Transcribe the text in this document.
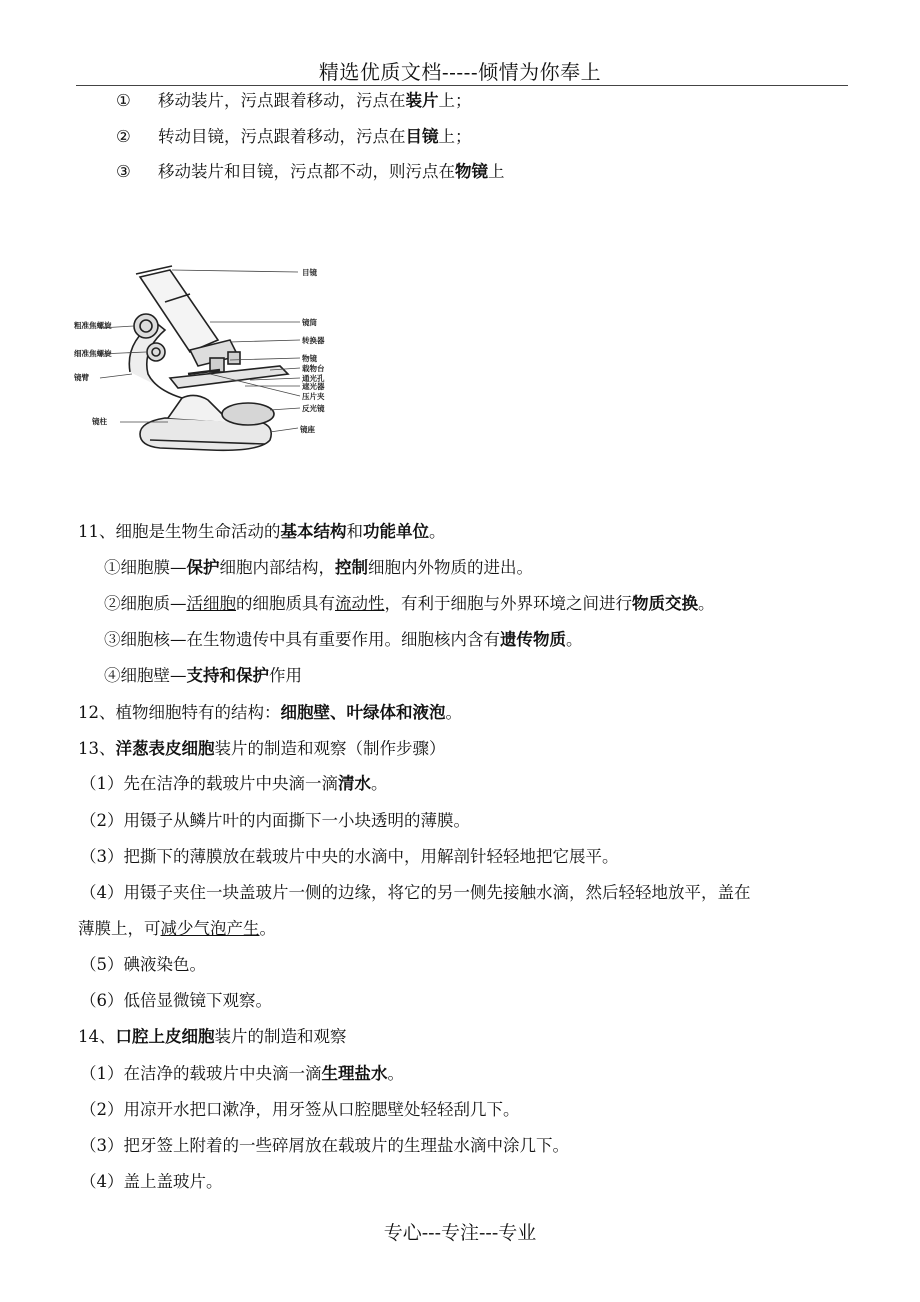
精选优质文档-----倾情为你奉上
① 移动装片，污点跟着移动，污点在装片上；
② 转动目镜，污点跟着移动，污点在目镜上；
③ 移动装片和目镜，污点都不动，则污点在物镜上
目镜
镜筒
转换器
物镜
载物台
通光孔
遮光器
压片夹
反光镜
镜座
粗准焦螺旋
细准焦螺旋
镜臂
镜柱
11、细胞是生物生命活动的基本结构和功能单位。
①细胞膜—保护细胞内部结构，控制细胞内外物质的进出。
②细胞质—活细胞的细胞质具有流动性，有利于细胞与外界环境之间进行物质交换。
③细胞核—在生物遗传中具有重要作用。细胞核内含有遗传物质。
④细胞壁—支持和保护作用
12、植物细胞特有的结构：细胞壁、叶绿体和液泡。
13、洋葱表皮细胞装片的制造和观察（制作步骤）
（1）先在洁净的载玻片中央滴一滴清水。
（2）用镊子从鳞片叶的内面撕下一小块透明的薄膜。
（3）把撕下的薄膜放在载玻片中央的水滴中，用解剖针轻轻地把它展平。
（4）用镊子夹住一块盖玻片一侧的边缘，将它的另一侧先接触水滴，然后轻轻地放平，盖在
薄膜上，可减少气泡产生。
（5）碘液染色。
（6）低倍显微镜下观察。
14、口腔上皮细胞装片的制造和观察
（1）在洁净的载玻片中央滴一滴生理盐水。
（2）用凉开水把口漱净，用牙签从口腔腮壁处轻轻刮几下。
（3）把牙签上附着的一些碎屑放在载玻片的生理盐水滴中涂几下。
（4）盖上盖玻片。
专心---专注---专业
